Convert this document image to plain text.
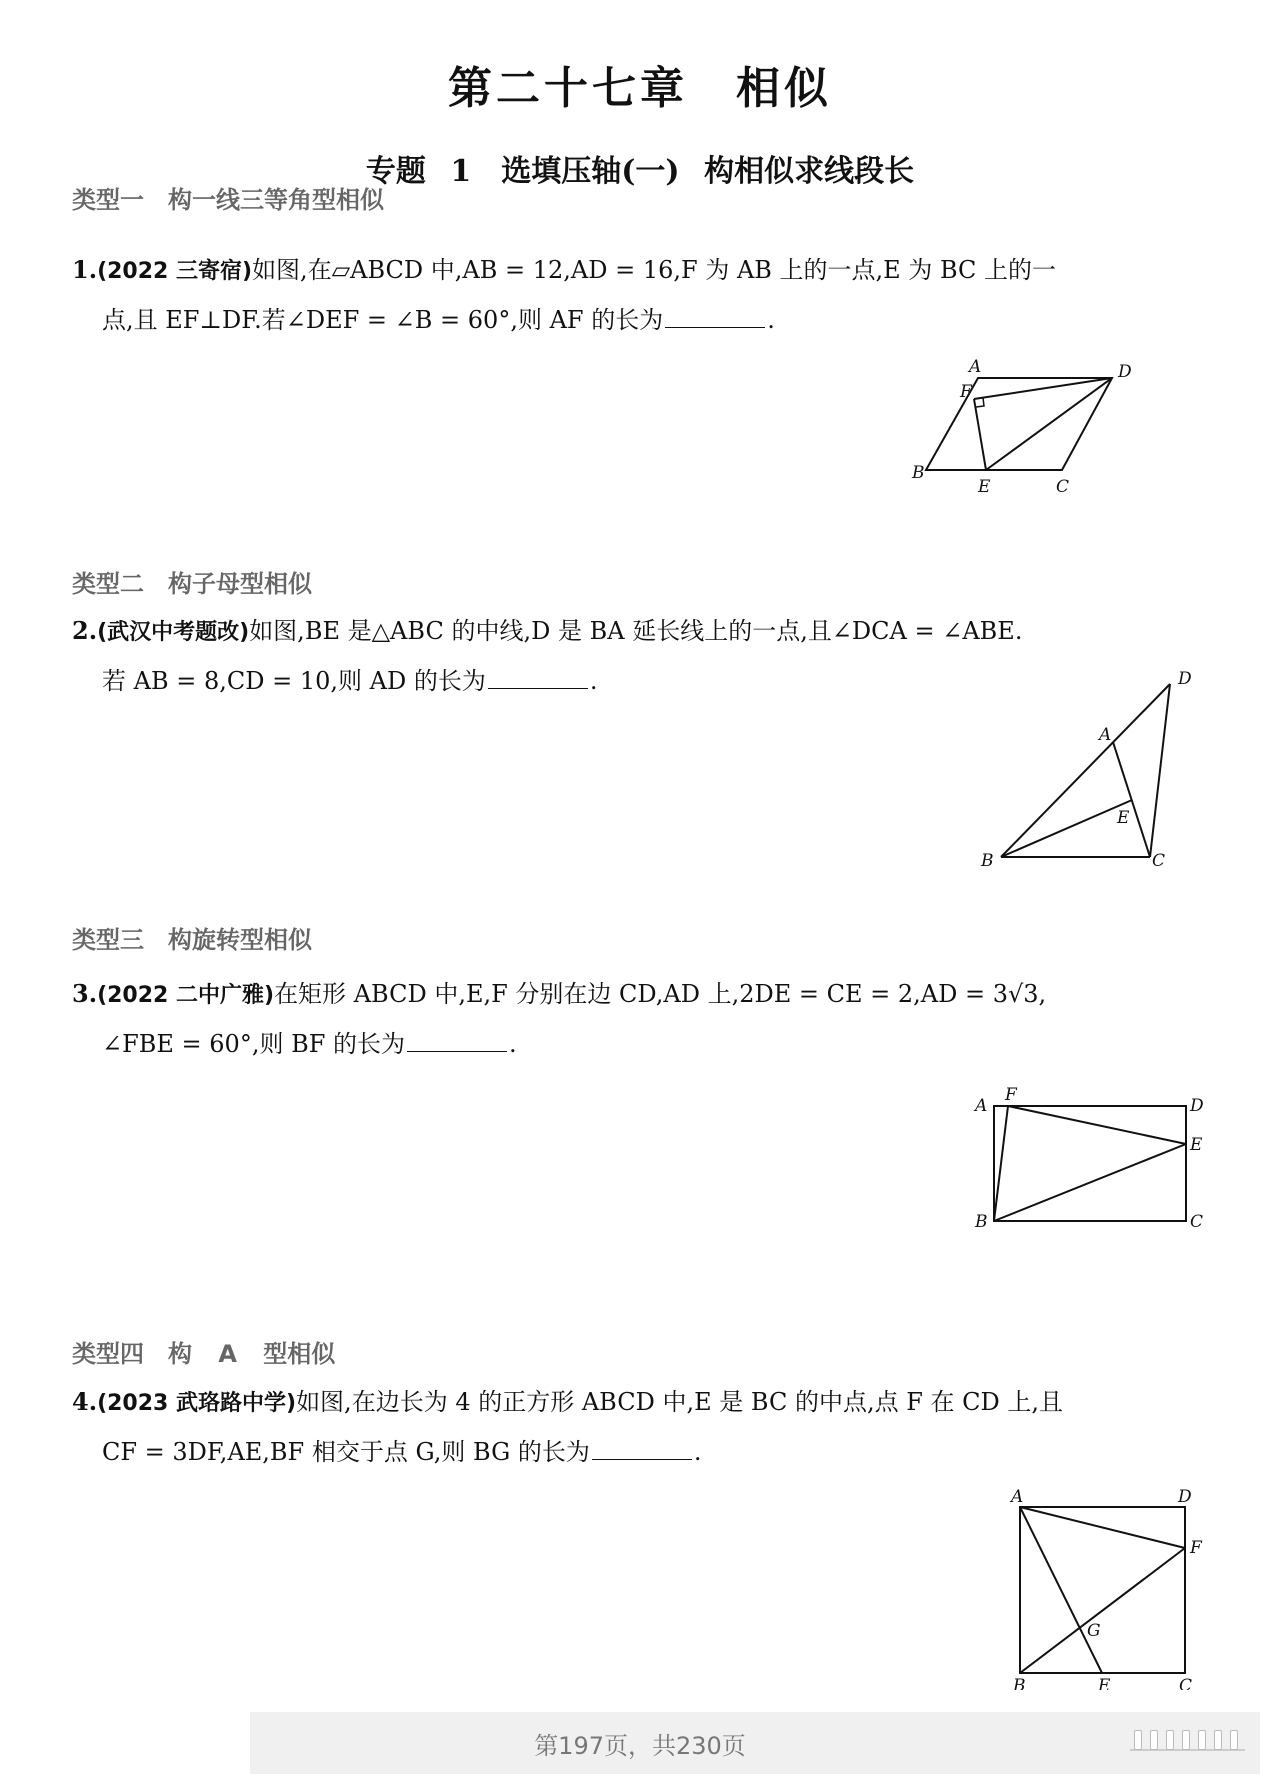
第二十七章　相似
专题 1　选填压轴(一) 构相似求线段长
类型一　构一线三等角型相似
1.(2022 三寄宿)如图,在▱ABCD 中,AB = 12,AD = 16,F 为 AB 上的一点,E 为 BC 上的一
点,且 EF⊥DF.若∠DEF = ∠B = 60°,则 AF 的长为	.
A	D
F
B
E	C
类型二　构子母型相似
2.(武汉中考题改)如图,BE 是△ABC 的中线,D 是 BA 延长线上的一点,且∠DCA = ∠ABE.
若 AB = 8,CD = 10,则 AD 的长为	.	D
A
E
B	C
类型三　构旋转型相似
3.(2022 二中广雅)在矩形 ABCD 中,E,F 分别在边 CD,AD 上,2DE = CE = 2,AD = 3√3,
∠FBE = 60°,则 BF 的长为	.
A
F
D
E
B	C
类型四　构 A 型相似
4.(2023 武珞路中学)如图,在边长为 4 的正方形 ABCD 中,E 是 BC 的中点,点 F 在 CD 上,且
CF = 3DF,AE,BF 相交于点 G,则 BG 的长为	.
A	D
F
G
B	E	C
第197页，共230页
